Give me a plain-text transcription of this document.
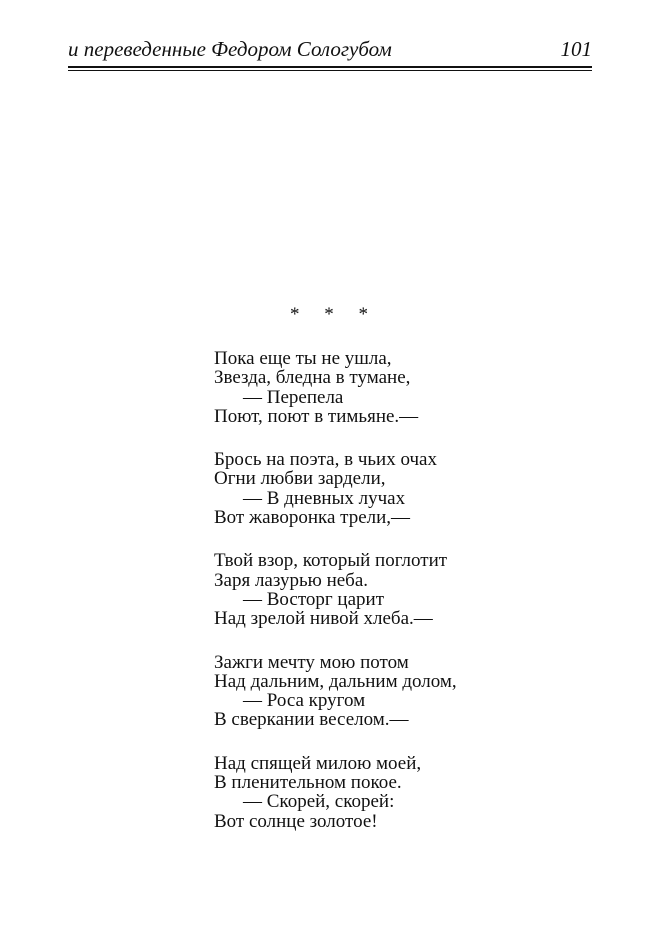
и переведенные Федором Сологубом	101
* * *
Пока еще ты не ушла,
Звезда, бледна в тумане,
— Перепела
Поют, поют в тимьяне.—
Брось на поэта, в чьих очах
Огни любви зардели,
— В дневных лучах
Вот жаворонка трели,—
Твой взор, который поглотит
Заря лазурью неба.
— Восторг царит
Над зрелой нивой хлеба.—
Зажги мечту мою потом
Над дальним, дальним долом,
— Роса кругом
В сверкании веселом.—
Над спящей милою моей,
В пленительном покое.
— Скорей, скорей:
Вот солнце золотое!
